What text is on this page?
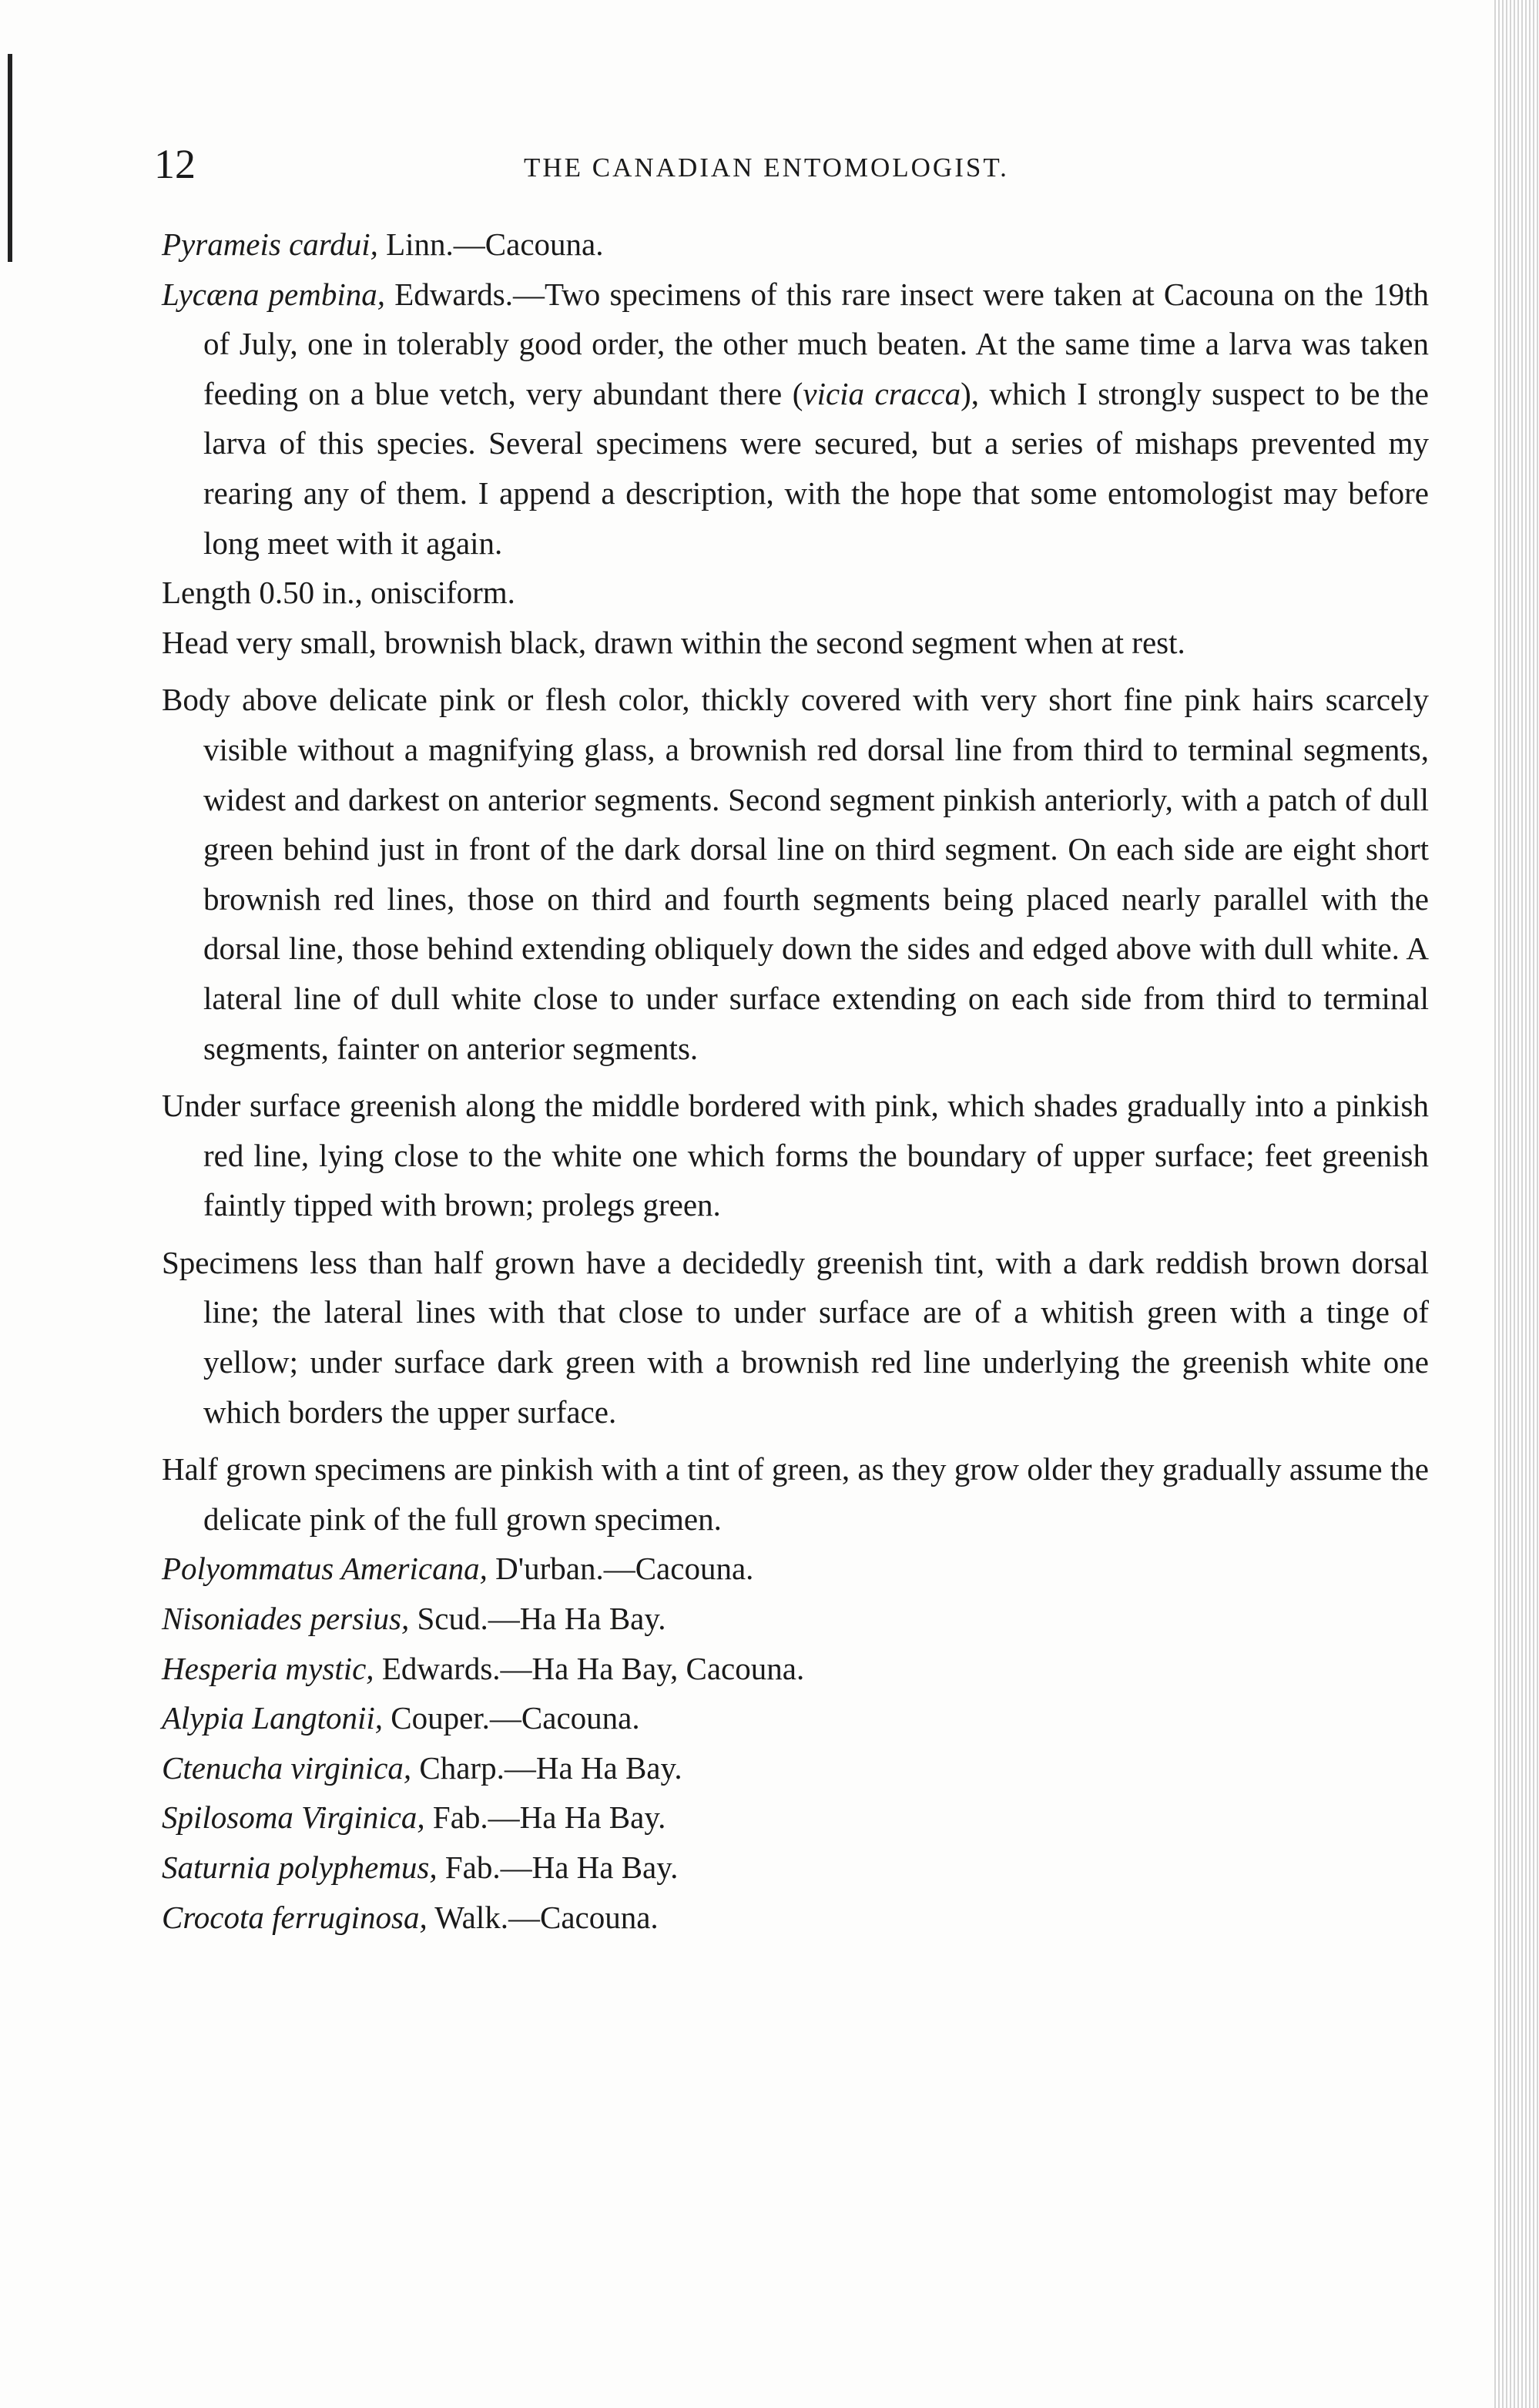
12	THE CANADIAN ENTOMOLOGIST.

Pyrameis cardui, Linn.—Cacouna.

Lycæna pembina, Edwards.—Two specimens of this rare insect were taken at Cacouna on the 19th of July, one in tolerably good order, the other much beaten. At the same time a larva was taken feeding on a blue vetch, very abundant there (vicia cracca), which I strongly suspect to be the larva of this species. Several specimens were secured, but a series of mishaps prevented my rearing any of them. I append a description, with the hope that some entomologist may before long meet with it again.

Length 0.50 in., onisciform.

Head very small, brownish black, drawn within the second segment when at rest.

Body above delicate pink or flesh color, thickly covered with very short fine pink hairs scarcely visible without a magnifying glass, a brownish red dorsal line from third to terminal segments, widest and darkest on anterior segments. Second segment pinkish anteriorly, with a patch of dull green behind just in front of the dark dorsal line on third segment. On each side are eight short brownish red lines, those on third and fourth segments being placed nearly parallel with the dorsal line, those behind extending obliquely down the sides and edged above with dull white. A lateral line of dull white close to under surface extending on each side from third to terminal segments, fainter on anterior segments.

Under surface greenish along the middle bordered with pink, which shades gradually into a pinkish red line, lying close to the white one which forms the boundary of upper surface; feet greenish faintly tipped with brown; prolegs green.

Specimens less than half grown have a decidedly greenish tint, with a dark reddish brown dorsal line; the lateral lines with that close to under surface are of a whitish green with a tinge of yellow; under surface dark green with a brownish red line underlying the greenish white one which borders the upper surface.

Half grown specimens are pinkish with a tint of green, as they grow older they gradually assume the delicate pink of the full grown specimen.

Polyommatus Americana, D'urban.—Cacouna.

Nisoniades persius, Scud.—Ha Ha Bay.

Hesperia mystic, Edwards.—Ha Ha Bay, Cacouna.

Alypia Langtonii, Couper.—Cacouna.

Ctenucha virginica, Charp.—Ha Ha Bay.

Spilosoma Virginica, Fab.—Ha Ha Bay.

Saturnia polyphemus, Fab.—Ha Ha Bay.

Crocota ferruginosa, Walk.—Cacouna.
